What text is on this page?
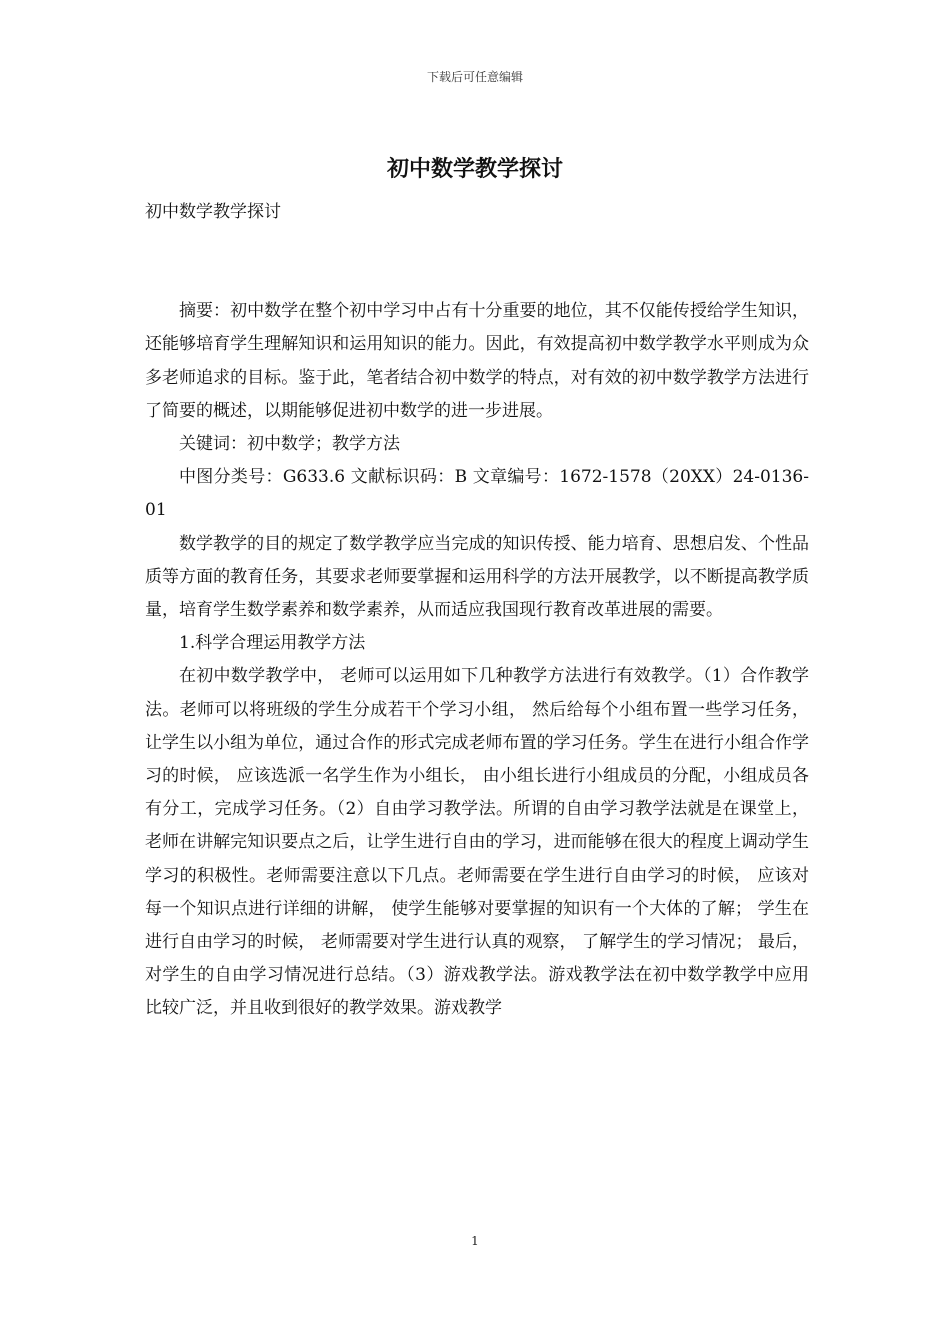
下载后可任意编辑
初中数学教学探讨

初中数学教学探讨

摘要：初中数学在整个初中学习中占有十分重要的地位，其不仅能传授给学生知识，还能够培育学生理解知识和运用知识的能力。因此，有效提高初中数学教学水平则成为众多老师追求的目标。鉴于此，笔者结合初中数学的特点，对有效的初中数学教学方法进行了简要的概述，以期能够促进初中数学的进一步进展。

关键词：初中数学；教学方法

中图分类号：G633.6 文献标识码：B 文章编号：1672-1578（20XX）24-0136-01

数学教学的目的规定了数学教学应当完成的知识传授、能力培育、思想启发、个性品质等方面的教育任务，其要求老师要掌握和运用科学的方法开展教学，以不断提高教学质量，培育学生数学素养和数学素养，从而适应我国现行教育改革进展的需要。

1.科学合理运用教学方法

在初中数学教学中， 老师可以运用如下几种教学方法进行有效教学。（1）合作教学法。老师可以将班级的学生分成若干个学习小组， 然后给每个小组布置一些学习任务，让学生以小组为单位，通过合作的形式完成老师布置的学习任务。学生在进行小组合作学习的时候， 应该选派一名学生作为小组长， 由小组长进行小组成员的分配，小组成员各有分工，完成学习任务。（2）自由学习教学法。所谓的自由学习教学法就是在课堂上， 老师在讲解完知识要点之后，让学生进行自由的学习，进而能够在很大的程度上调动学生学习的积极性。老师需要注意以下几点。老师需要在学生进行自由学习的时候， 应该对每一个知识点进行详细的讲解， 使学生能够对要掌握的知识有一个大体的了解； 学生在进行自由学习的时候， 老师需要对学生进行认真的观察， 了解学生的学习情况； 最后， 对学生的自由学习情况进行总结。（3）游戏教学法。游戏教学法在初中数学教学中应用比较广泛，并且收到很好的教学效果。游戏教学

1
